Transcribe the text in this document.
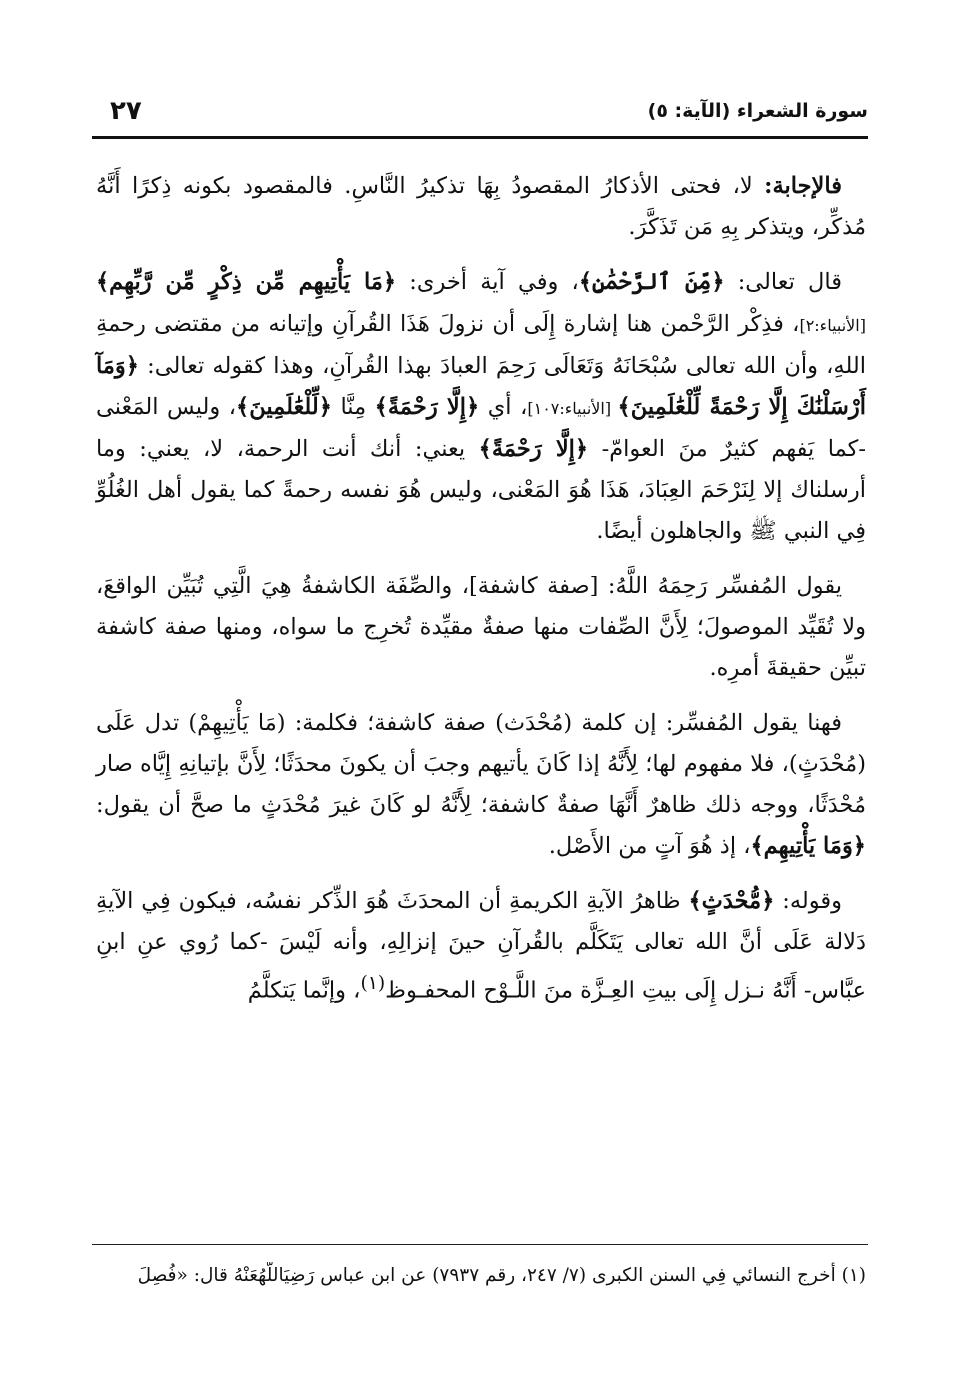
سورة الشعراء (الآية: ٥)
٢٧

فالإجابة: لا، فحتى الأذكارُ المقصودُ بِهَا تذكيرُ النَّاسِ. فالمقصود بكونه ذِكرًا أَنَّهُ مُذكِّر، ويتذكر بِهِ مَن تَذَكَّرَ.

قال تعالى: ﴿مِّنَ ٱلرَّحْمَٰنِ﴾، وفي آية أخرى: ﴿مَا يَأْتِيهِم مِّن ذِكْرٍ مِّن رَّبِّهِم﴾ [الأنبياء:٢]، فذِكْر الرَّحْمن هنا إشارة إِلَى أن نزولَ هَذَا القُرآنِ وإتيانه من مقتضى رحمةِ اللهِ، وأن الله تعالى سُبْحَانَهُ وَتَعَالَى رَحِمَ العبادَ بهذا القُرآنِ، وهذا كقوله تعالى: ﴿وَمَآ أَرْسَلْنَٰكَ إِلَّا رَحْمَةً لِّلْعَٰلَمِينَ﴾ [الأنبياء:١٠٧]، أي ﴿إِلَّا رَحْمَةً﴾ مِنَّا ﴿لِّلْعَٰلَمِينَ﴾، وليس المَعْنى -كما يَفهم كثيرٌ منَ العوامّ- ﴿إِلَّا رَحْمَةً﴾ يعني: أنك أنت الرحمة، لا، يعني: وما أرسلناك إلا لِنَرْحَمَ العِبَادَ، هَذَا هُوَ المَعْنى، وليس هُوَ نفسه رحمةً كما يقول أهل الغُلُوِّ فِي النبي ﷺ والجاهلون أيضًا.

يقول المُفسِّر رَحِمَهُ اللَّهُ: [صفة كاشفة]، والصِّفَة الكاشفةُ هِيَ الَّتِي تُبَيِّن الواقعَ، ولا تُقَيِّد الموصولَ؛ لِأَنَّ الصِّفات منها صفةٌ مقيِّدة تُخرِج ما سواه، ومنها صفة كاشفة تبيِّن حقيقةَ أمرِه.

فهنا يقول المُفسِّر: إن كلمة (مُحْدَث) صفة كاشفة؛ فكلمة: (مَا يَأْتِيهِمْ) تدل عَلَى (مُحْدَثٍ)، فلا مفهوم لها؛ لِأَنَّهُ إذا كَانَ يأتيهم وجبَ أن يكونَ محدَثًا؛ لِأَنَّ بإتيانِهِ إِيَّاه صار مُحْدَثًا، ووجه ذلك ظاهرٌ أَنَّهَا صفةٌ كاشفة؛ لِأَنَّهُ لو كَانَ غيرَ مُحْدَثٍ ما صحَّ أن يقول: ﴿وَمَا يَأْتِيهِم﴾، إذ هُوَ آتٍ من الأَصْل.

وقوله: ﴿مُّحْدَثٍ﴾ ظاهرُ الآيةِ الكريمةِ أن المحدَثَ هُوَ الذِّكر نفسُه، فيكون فِي الآيةِ دَلالة عَلَى أنَّ الله تعالى يَتَكَلَّم بالقُرآنِ حينَ إنزالِهِ، وأنه لَيْسَ -كما رُوي عنِ ابنِ عبَّاس- أَنَّهُ نـزل إِلَى بيتِ العِـزَّة منَ اللَّـوْح المحفـوظ$^{(١)}$، وإنَّما يَتكلَّمُ

(١) أخرج النسائي فِي السنن الكبرى (٧/ ٢٤٧، رقم ٧٩٣٧) عن ابن عباس رَضِيَاللَّهُعَنْهُ قال: «فُصِلَ
